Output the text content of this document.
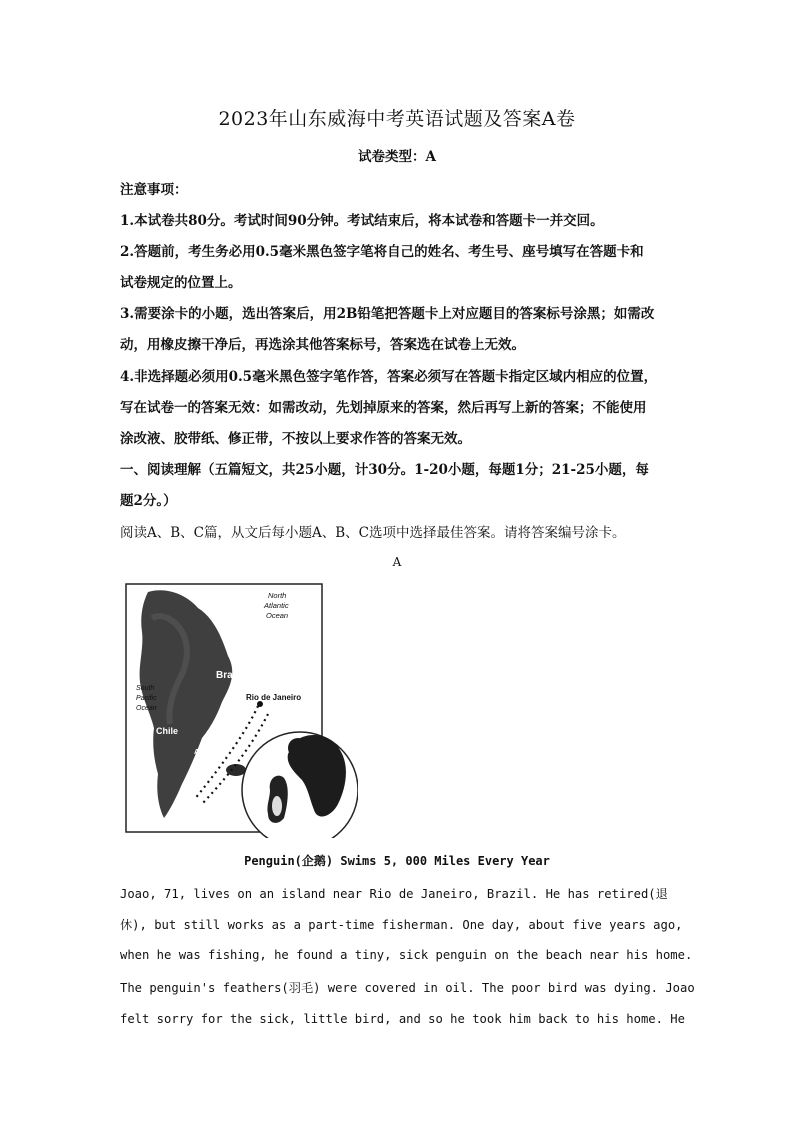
2023年山东威海中考英语试题及答案A卷
试卷类型：A
注意事项：
1.本试卷共80分。考试时间90分钟。考试结束后，将本试卷和答题卡一并交回。
2.答题前，考生务必用0.5毫米黑色签字笔将自己的姓名、考生号、座号填写在答题卡和
试卷规定的位置上。
3.需要涂卡的小题，选出答案后，用2B铅笔把答题卡上对应题目的答案标号涂黑；如需改
动，用橡皮擦干净后，再选涂其他答案标号，答案选在试卷上无效。
4.非选择题必须用0.5毫米黑色签字笔作答，答案必须写在答题卡指定区域内相应的位置，
写在试卷一的答案无效：如需改动，先划掉原来的答案，然后再写上新的答案；不能使用
涂改液、胶带纸、修正带，不按以上要求作答的答案无效。
一、阅读理解（五篇短文，共25小题，计30分。1-20小题，每题1分；21-25小题，每
题2分。）
阅读A、B、C篇，从文后每小题A、B、C选项中选择最佳答案。请将答案编号涂卡。
A
North
Atlantic
Ocean
South
Pacific
Ocean
Brazil
Rio de Janeiro
Chile
Argentina
Penguin(企鹅) Swims 5, 000 Miles Every Year
Joao, 71, lives on an island near Rio de Janeiro, Brazil. He has retired(退
休), but still works as a part-time fisherman. One day, about five years ago,
when he was fishing, he found a tiny, sick penguin on the beach near his home.
The penguin's feathers(羽毛) were covered in oil. The poor bird was dying. Joao
felt sorry for the sick, little bird, and so he took him back to his home. He
